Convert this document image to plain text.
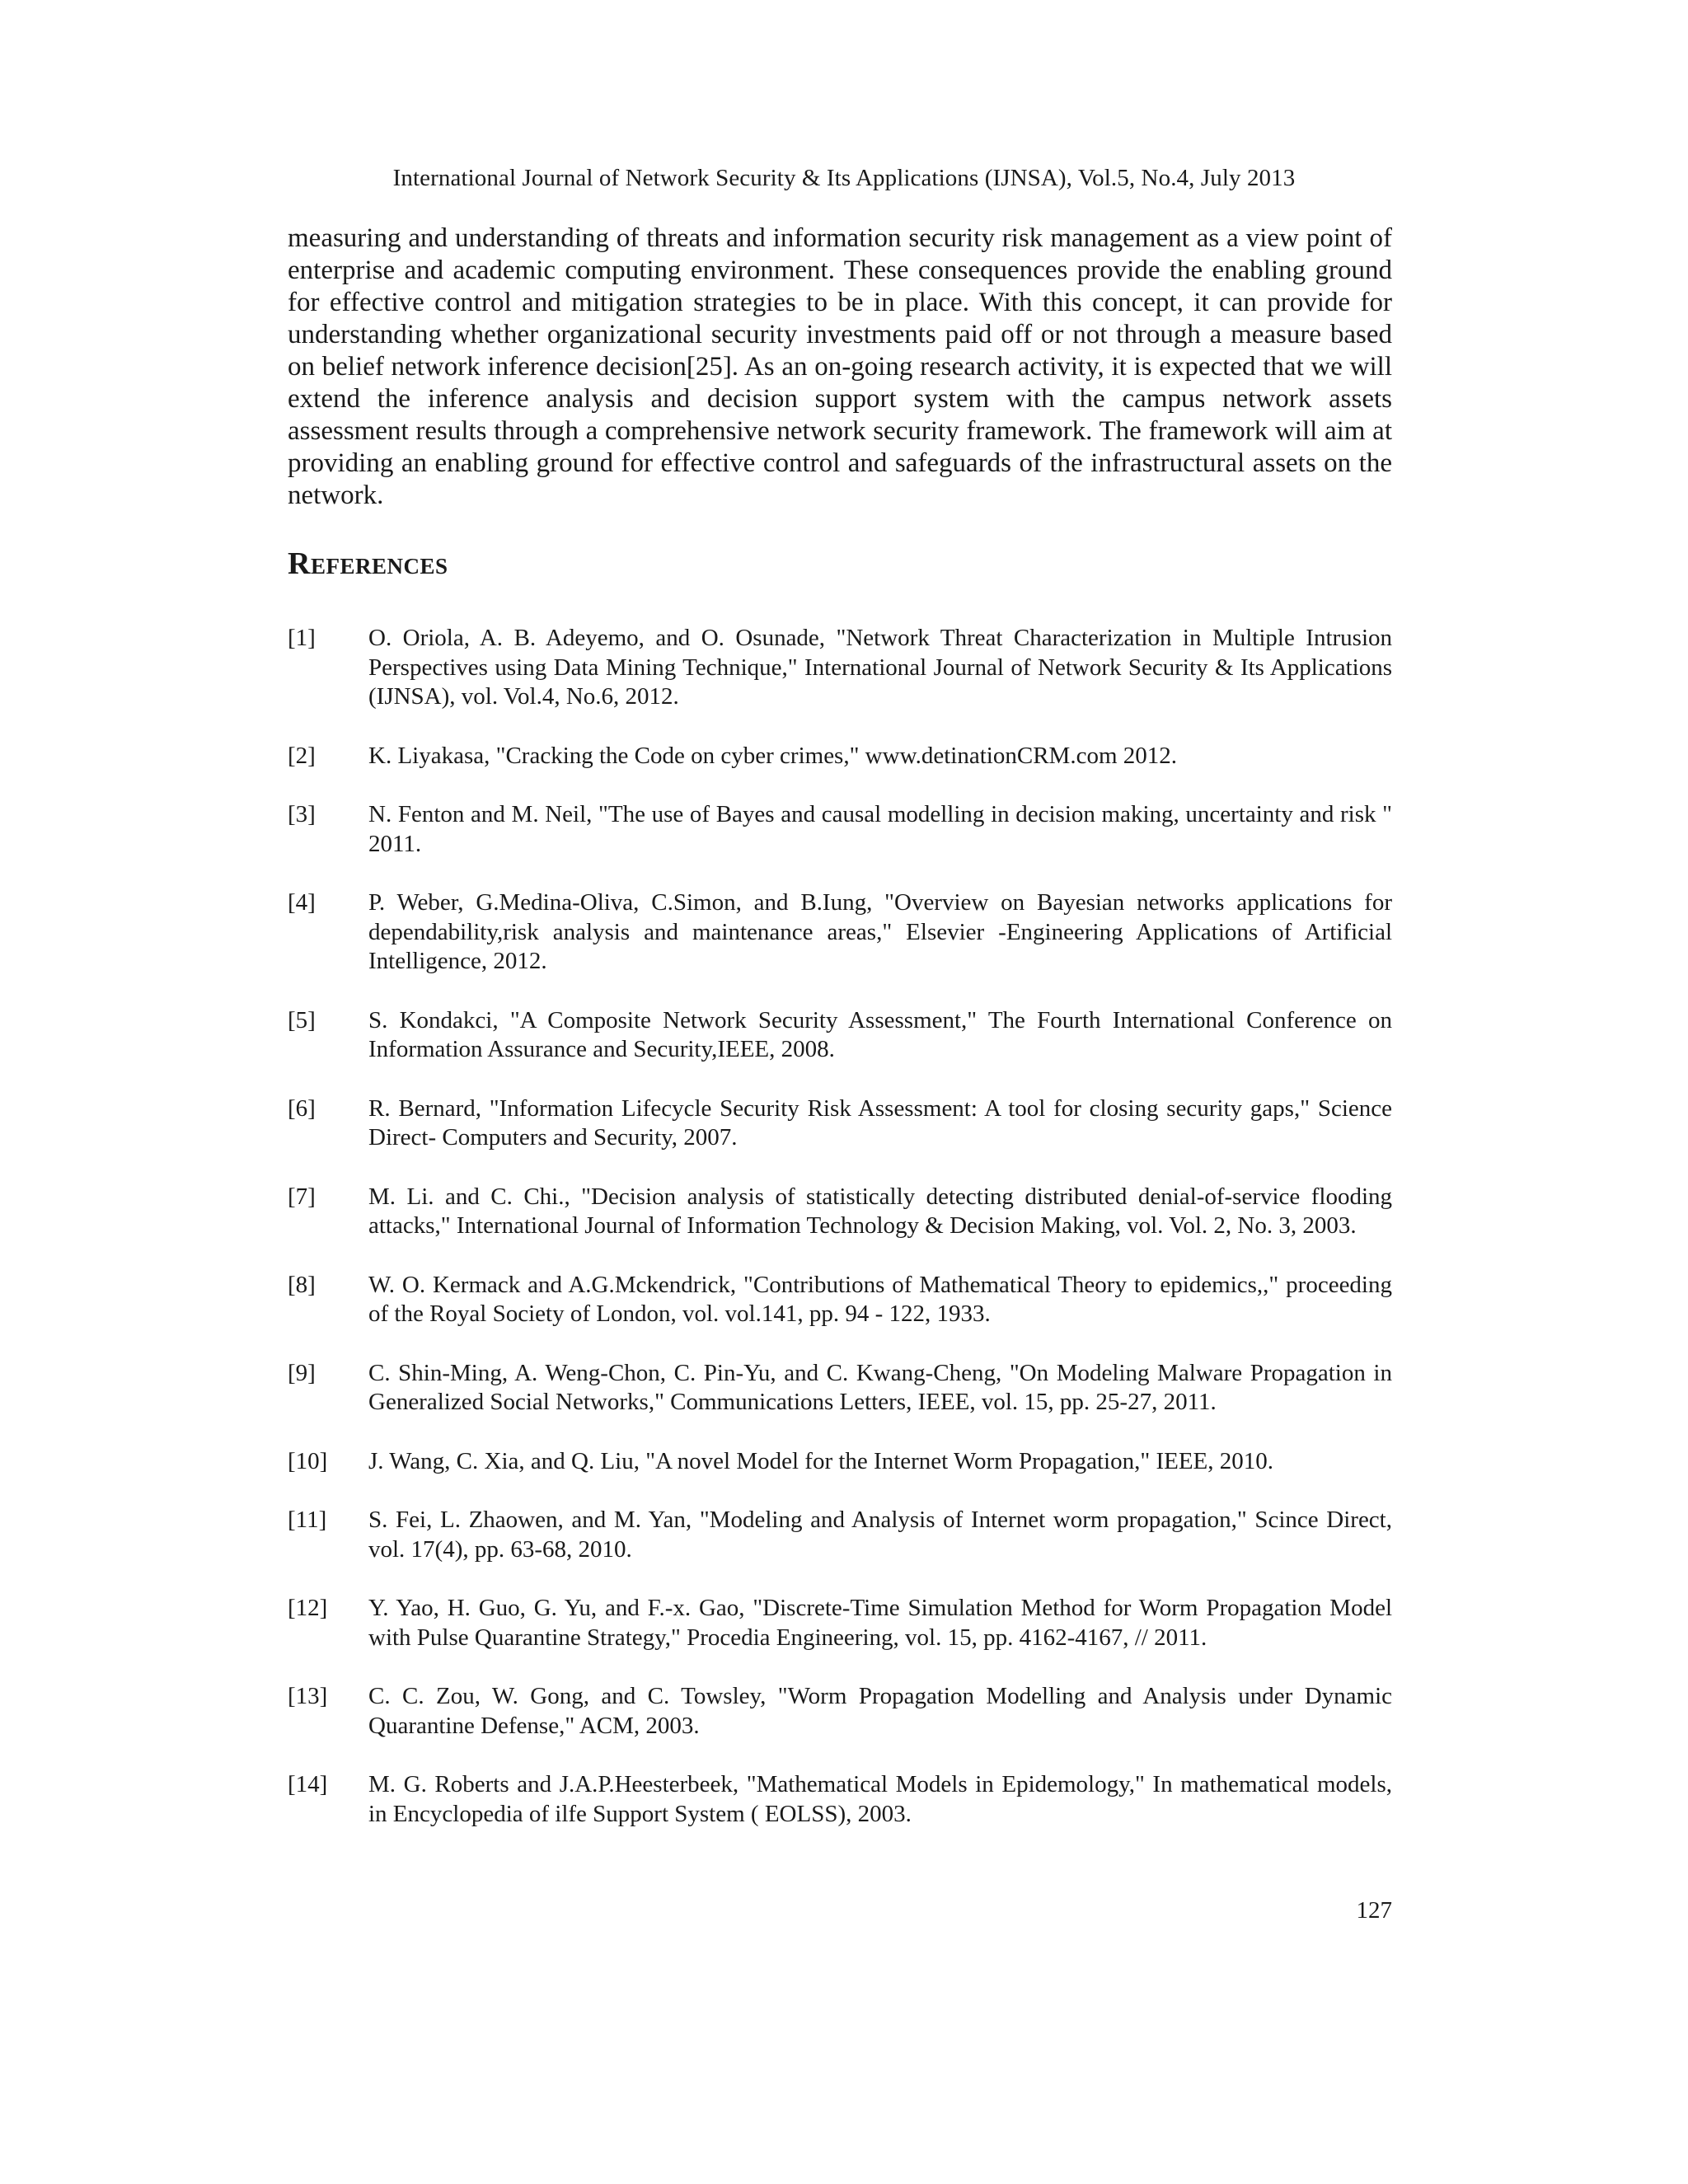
International Journal of Network Security & Its Applications (IJNSA), Vol.5, No.4, July 2013

measuring and understanding of threats and information security risk management as a view point of enterprise and academic computing environment. These consequences provide the enabling ground for effective control and mitigation strategies to be in place. With this concept, it can provide for understanding whether organizational security investments paid off or not through a measure based on belief network inference decision[25]. As an on-going research activity, it is expected that we will extend the inference analysis and decision support system with the campus network assets assessment results through a comprehensive network security framework. The framework will aim at providing an enabling ground for effective control and safeguards of the infrastructural assets on the network.

References
[1]	O. Oriola, A. B. Adeyemo, and O. Osunade, "Network Threat Characterization in Multiple Intrusion Perspectives using Data Mining Technique," International Journal of Network Security & Its Applications (IJNSA), vol. Vol.4, No.6, 2012.
[2]	K. Liyakasa, "Cracking the Code on cyber crimes," www.detinationCRM.com 2012.
[3]	N. Fenton and M. Neil, "The use of Bayes and causal modelling in decision making, uncertainty and risk " 2011.
[4]	P. Weber, G.Medina-Oliva, C.Simon, and B.Iung, "Overview on Bayesian networks applications for dependability,risk analysis and maintenance areas," Elsevier -Engineering Applications of Artificial Intelligence, 2012.
[5]	S. Kondakci, "A Composite Network Security Assessment," The Fourth International Conference on Information Assurance and Security,IEEE, 2008.
[6]	R. Bernard, "Information Lifecycle Security Risk Assessment: A tool for closing security gaps," Science Direct- Computers and Security, 2007.
[7]	M. Li. and C. Chi., "Decision analysis of statistically detecting distributed denial-of-service flooding attacks," International Journal of Information Technology & Decision Making, vol. Vol. 2, No. 3, 2003.
[8]	W. O. Kermack and A.G.Mckendrick, "Contributions of Mathematical Theory to epidemics,," proceeding of the Royal Society of London, vol. vol.141, pp. 94 - 122, 1933.
[9]	C. Shin-Ming, A. Weng-Chon, C. Pin-Yu, and C. Kwang-Cheng, "On Modeling Malware Propagation in Generalized Social Networks," Communications Letters, IEEE, vol. 15, pp. 25-27, 2011.
[10]	J. Wang, C. Xia, and Q. Liu, "A novel Model for the Internet Worm Propagation," IEEE, 2010.
[11]	S. Fei, L. Zhaowen, and M. Yan, "Modeling and Analysis of Internet worm propagation," Scince Direct, vol. 17(4), pp. 63-68, 2010.
[12]	Y. Yao, H. Guo, G. Yu, and F.-x. Gao, "Discrete-Time Simulation Method for Worm Propagation Model with Pulse Quarantine Strategy," Procedia Engineering, vol. 15, pp. 4162-4167, // 2011.
[13]	C. C. Zou, W. Gong, and C. Towsley, "Worm Propagation Modelling and Analysis under Dynamic Quarantine Defense," ACM, 2003.
[14]	M. G. Roberts and J.A.P.Heesterbeek, "Mathematical Models in Epidemology," In mathematical models, in Encyclopedia of ilfe Support System ( EOLSS), 2003.
127
